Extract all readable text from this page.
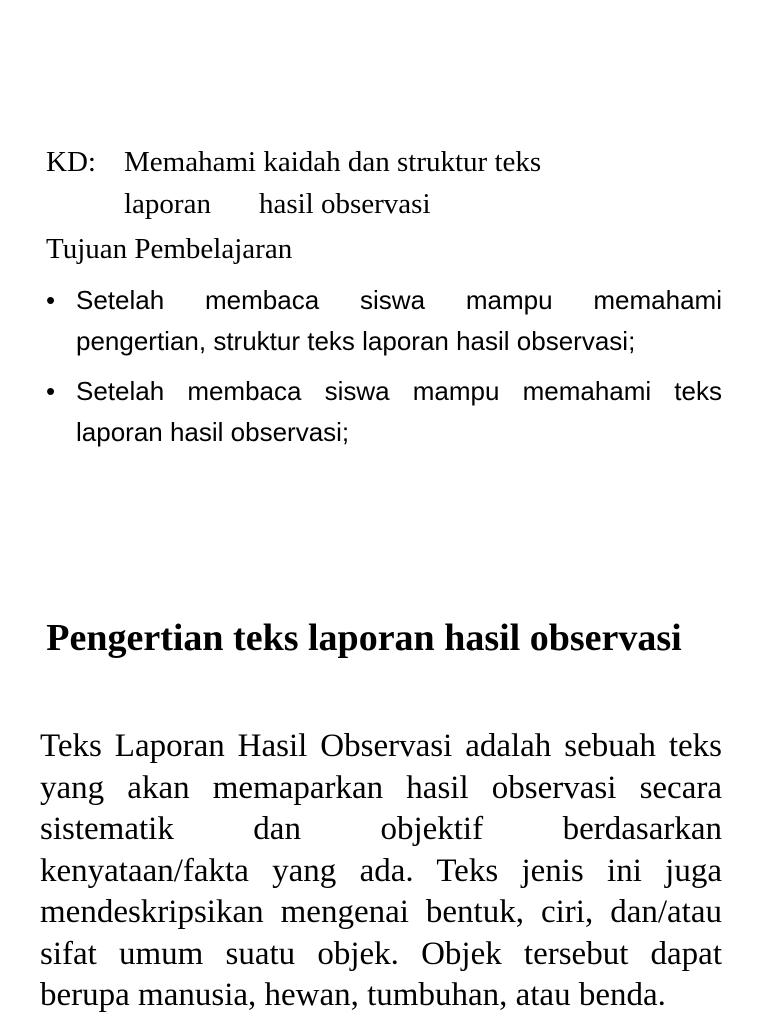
KD: Memahami kaidah dan struktur teks
laporan hasil observasi
Tujuan Pembelajaran
• Setelah membaca siswa mampu memahami pengertian, struktur teks laporan hasil observasi;
• Setelah membaca siswa mampu memahami teks laporan hasil observasi;
Pengertian teks laporan hasil observasi
Teks Laporan Hasil Observasi adalah sebuah teks yang akan memaparkan hasil observasi secara sistematik dan objektif berdasarkan kenyataan/fakta yang ada. Teks jenis ini juga mendeskripsikan mengenai bentuk, ciri, dan/atau sifat umum suatu objek. Objek tersebut dapat berupa manusia, hewan, tumbuhan, atau benda.
